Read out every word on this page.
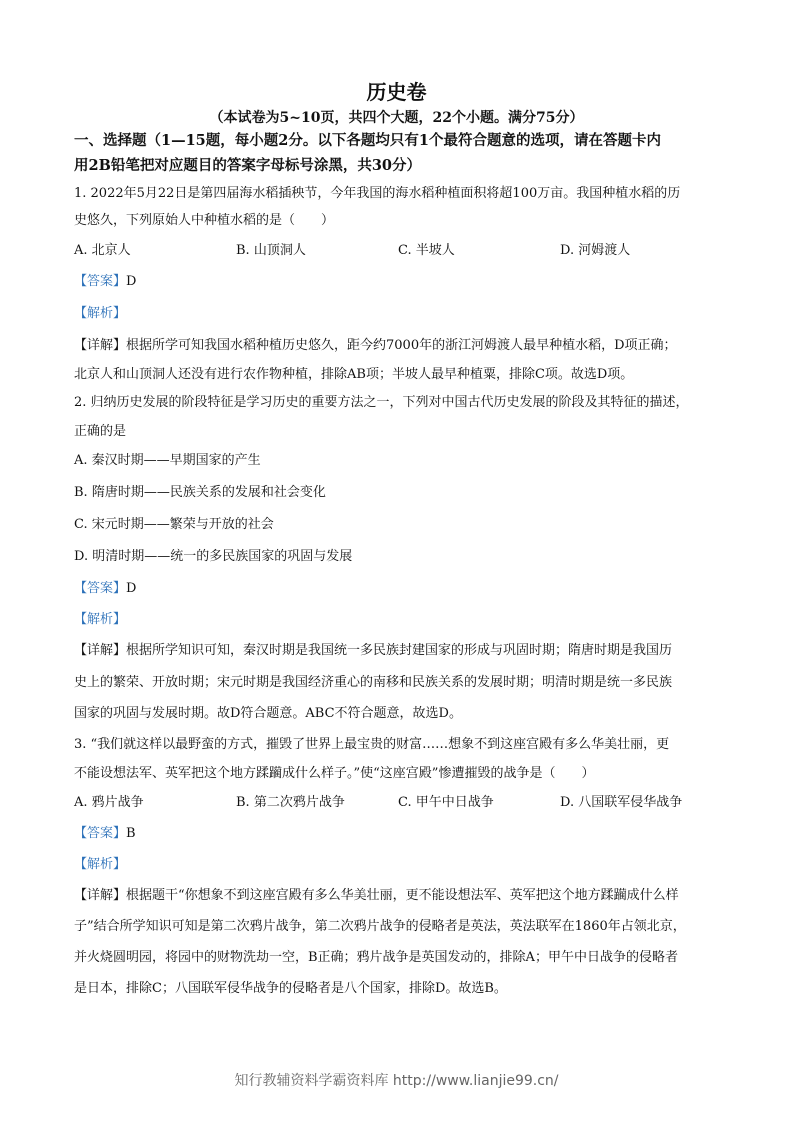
历史卷
（本试卷为5~10页，共四个大题，22个小题。满分75分）

一、选择题（1—15题，每小题2分。以下各题均只有1个最符合题意的选项，请在答题卡内

用2B铅笔把对应题目的答案字母标号涂黑，共30分）

1. 2022年5月22日是第四届海水稻插秧节，今年我国的海水稻种植面积将超100万亩。我国种植水稻的历

史悠久，下列原始人中种植水稻的是（　　）

A. 北京人	B. 山顶洞人	C. 半坡人	D. 河姆渡人

【答案】D

【解析】

【详解】根据所学可知我国水稻种植历史悠久，距今约7000年的浙江河姆渡人最早种植水稻，D项正确；

北京人和山顶洞人还没有进行农作物种植，排除AB项；半坡人最早种植粟，排除C项。故选D项。

2. 归纳历史发展的阶段特征是学习历史的重要方法之一，下列对中国古代历史发展的阶段及其特征的描述，

正确的是

A. 秦汉时期——早期国家的产生

B. 隋唐时期——民族关系的发展和社会变化

C. 宋元时期——繁荣与开放的社会

D. 明清时期——统一的多民族国家的巩固与发展

【答案】D

【解析】

【详解】根据所学知识可知，秦汉时期是我国统一多民族封建国家的形成与巩固时期；隋唐时期是我国历

史上的繁荣、开放时期；宋元时期是我国经济重心的南移和民族关系的发展时期；明清时期是统一多民族

国家的巩固与发展时期。故D符合题意。ABC不符合题意，故选D。

3. “我们就这样以最野蛮的方式，摧毁了世界上最宝贵的财富……想象不到这座宫殿有多么华美壮丽，更

不能设想法军、英军把这个地方蹂躏成什么样子。”使“这座宫殿”惨遭摧毁的战争是（　　）

A. 鸦片战争	B. 第二次鸦片战争	C. 甲午中日战争	D. 八国联军侵华战争

【答案】B

【解析】

【详解】根据题干“你想象不到这座宫殿有多么华美壮丽，更不能设想法军、英军把这个地方蹂躏成什么样

子”结合所学知识可知是第二次鸦片战争，第二次鸦片战争的侵略者是英法，英法联军在1860年占领北京，

并火烧圆明园，将园中的财物洗劫一空，B正确；鸦片战争是英国发动的，排除A；甲午中日战争的侵略者

是日本，排除C；八国联军侵华战争的侵略者是八个国家，排除D。故选B。

知行教辅资料学霸资料库 http://www.lianjie99.cn/
